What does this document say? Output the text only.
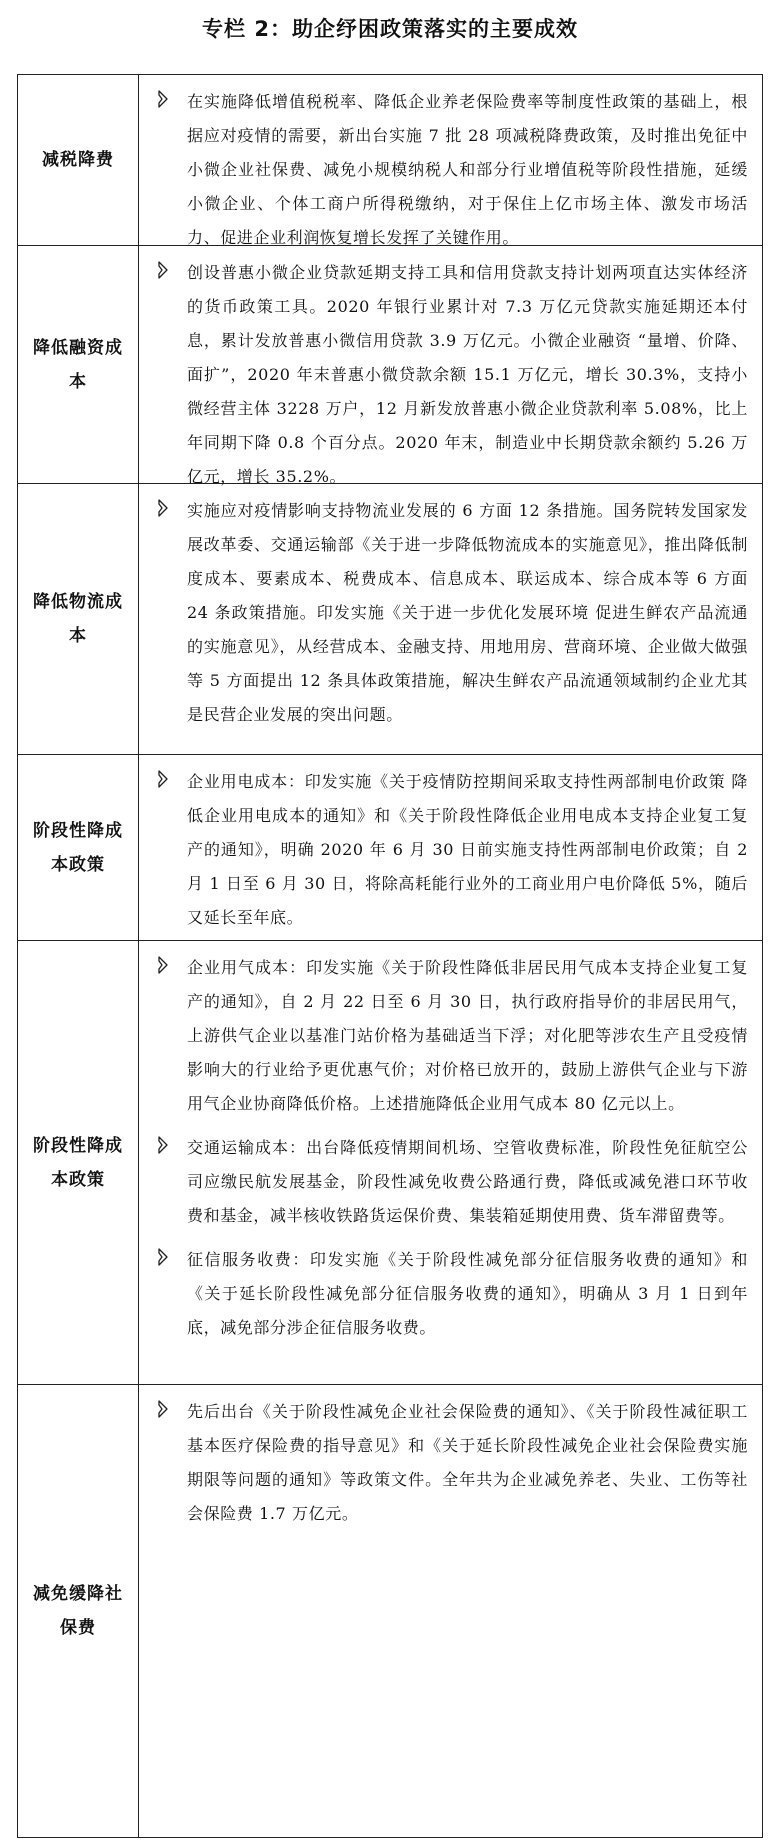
专栏 2：助企纾困政策落实的主要成效
减税降费
在实施降低增值税税率、降低企业养老保险费率等制度性政策的基础上，根据应对疫情的需要，新出台实施 7 批 28 项减税降费政策，及时推出免征中小微企业社保费、减免小规模纳税人和部分行业增值税等阶段性措施，延缓小微企业、个体工商户所得税缴纳，对于保住上亿市场主体、激发市场活力、促进企业利润恢复增长发挥了关键作用。
降低融资成本
创设普惠小微企业贷款延期支持工具和信用贷款支持计划两项直达实体经济的货币政策工具。2020 年银行业累计对 7.3 万亿元贷款实施延期还本付息，累计发放普惠小微信用贷款 3.9 万亿元。小微企业融资 “量增、价降、面扩”，2020 年末普惠小微贷款余额 15.1 万亿元，增长 30.3%，支持小微经营主体 3228 万户，12 月新发放普惠小微企业贷款利率 5.08%，比上年同期下降 0.8 个百分点。2020 年末，制造业中长期贷款余额约 5.26 万亿元，增长 35.2%。
降低物流成本
实施应对疫情影响支持物流业发展的 6 方面 12 条措施。国务院转发国家发展改革委、交通运输部《关于进一步降低物流成本的实施意见》，推出降低制度成本、要素成本、税费成本、信息成本、联运成本、综合成本等 6 方面 24 条政策措施。印发实施《关于进一步优化发展环境 促进生鲜农产品流通的实施意见》，从经营成本、金融支持、用地用房、营商环境、企业做大做强等 5 方面提出 12 条具体政策措施，解决生鲜农产品流通领域制约企业尤其是民营企业发展的突出问题。
阶段性降成本政策
企业用电成本：印发实施《关于疫情防控期间采取支持性两部制电价政策 降低企业用电成本的通知》和《关于阶段性降低企业用电成本支持企业复工复产的通知》，明确 2020 年 6 月 30 日前实施支持性两部制电价政策；自 2 月 1 日至 6 月 30 日，将除高耗能行业外的工商业用户电价降低 5%，随后又延长至年底。
阶段性降成本政策
企业用气成本：印发实施《关于阶段性降低非居民用气成本支持企业复工复产的通知》，自 2 月 22 日至 6 月 30 日，执行政府指导价的非居民用气，上游供气企业以基准门站价格为基础适当下浮；对化肥等涉农生产且受疫情影响大的行业给予更优惠气价；对价格已放开的，鼓励上游供气企业与下游用气企业协商降低价格。上述措施降低企业用气成本 80 亿元以上。
交通运输成本：出台降低疫情期间机场、空管收费标准，阶段性免征航空公司应缴民航发展基金，阶段性减免收费公路通行费，降低或减免港口环节收费和基金，减半核收铁路货运保价费、集装箱延期使用费、货车滞留费等。
征信服务收费：印发实施《关于阶段性减免部分征信服务收费的通知》和《关于延长阶段性减免部分征信服务收费的通知》，明确从 3 月 1 日到年底，减免部分涉企征信服务收费。
减免缓降社保费
先后出台《关于阶段性减免企业社会保险费的通知》、《关于阶段性减征职工基本医疗保险费的指导意见》和《关于延长阶段性减免企业社会保险费实施期限等问题的通知》等政策文件。全年共为企业减免养老、失业、工伤等社会保险费 1.7 万亿元。
